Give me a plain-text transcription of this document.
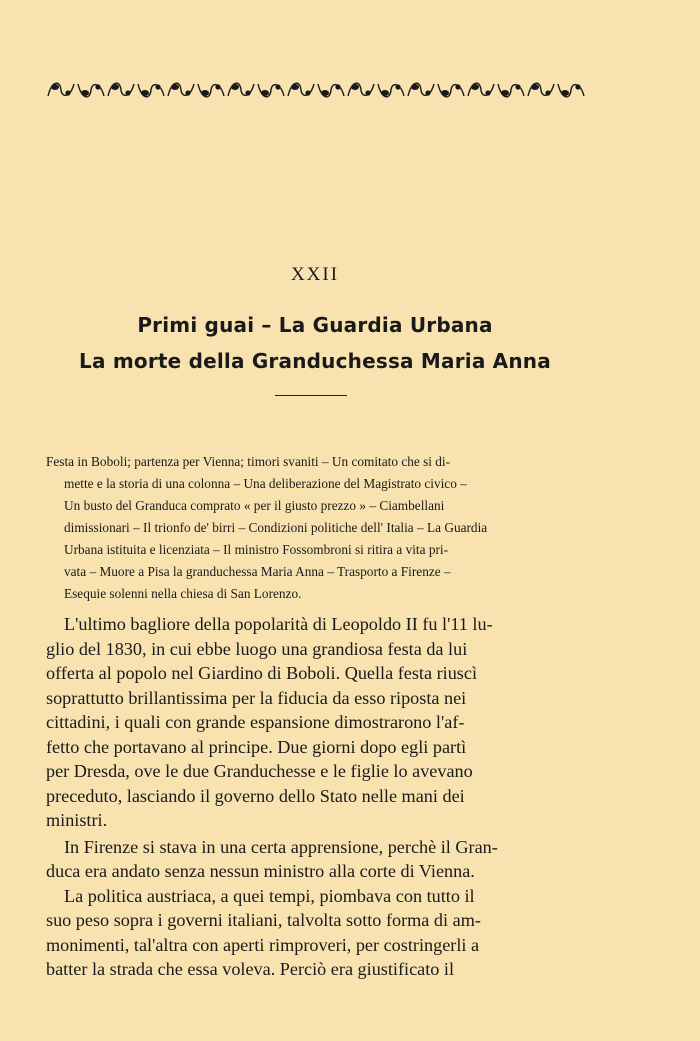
XXII
Primi guai – La Guardia Urbana
La morte della Granduchessa Maria Anna
Festa in Boboli; partenza per Vienna; timori svaniti – Un comitato che si di-
mette e la storia di una colonna – Una deliberazione del Magistrato civico –
Un busto del Granduca comprato « per il giusto prezzo » – Ciambellani
dimissionari – Il trionfo de' birri – Condizioni politiche dell' Italia – La Guardia
Urbana istituita e licenziata – Il ministro Fossombroni si ritira a vita pri-
vata – Muore a Pisa la granduchessa Maria Anna – Trasporto a Firenze –
Esequie solenni nella chiesa di San Lorenzo.
L'ultimo bagliore della popolarità di Leopoldo II fu l'11 lu-
glio del 1830, in cui ebbe luogo una grandiosa festa da lui
offerta al popolo nel Giardino di Boboli. Quella festa riuscì
soprattutto brillantissima per la fiducia da esso riposta nei
cittadini, i quali con grande espansione dimostrarono l'af-
fetto che portavano al principe. Due giorni dopo egli partì
per Dresda, ove le due Granduchesse e le figlie lo avevano
preceduto, lasciando il governo dello Stato nelle mani dei
ministri.
In Firenze si stava in una certa apprensione, perchè il Gran-
duca era andato senza nessun ministro alla corte di Vienna.
La politica austriaca, a quei tempi, piombava con tutto il
suo peso sopra i governi italiani, talvolta sotto forma di am-
monimenti, tal'altra con aperti rimproveri, per costringerli a
batter la strada che essa voleva. Perciò era giustificato il
